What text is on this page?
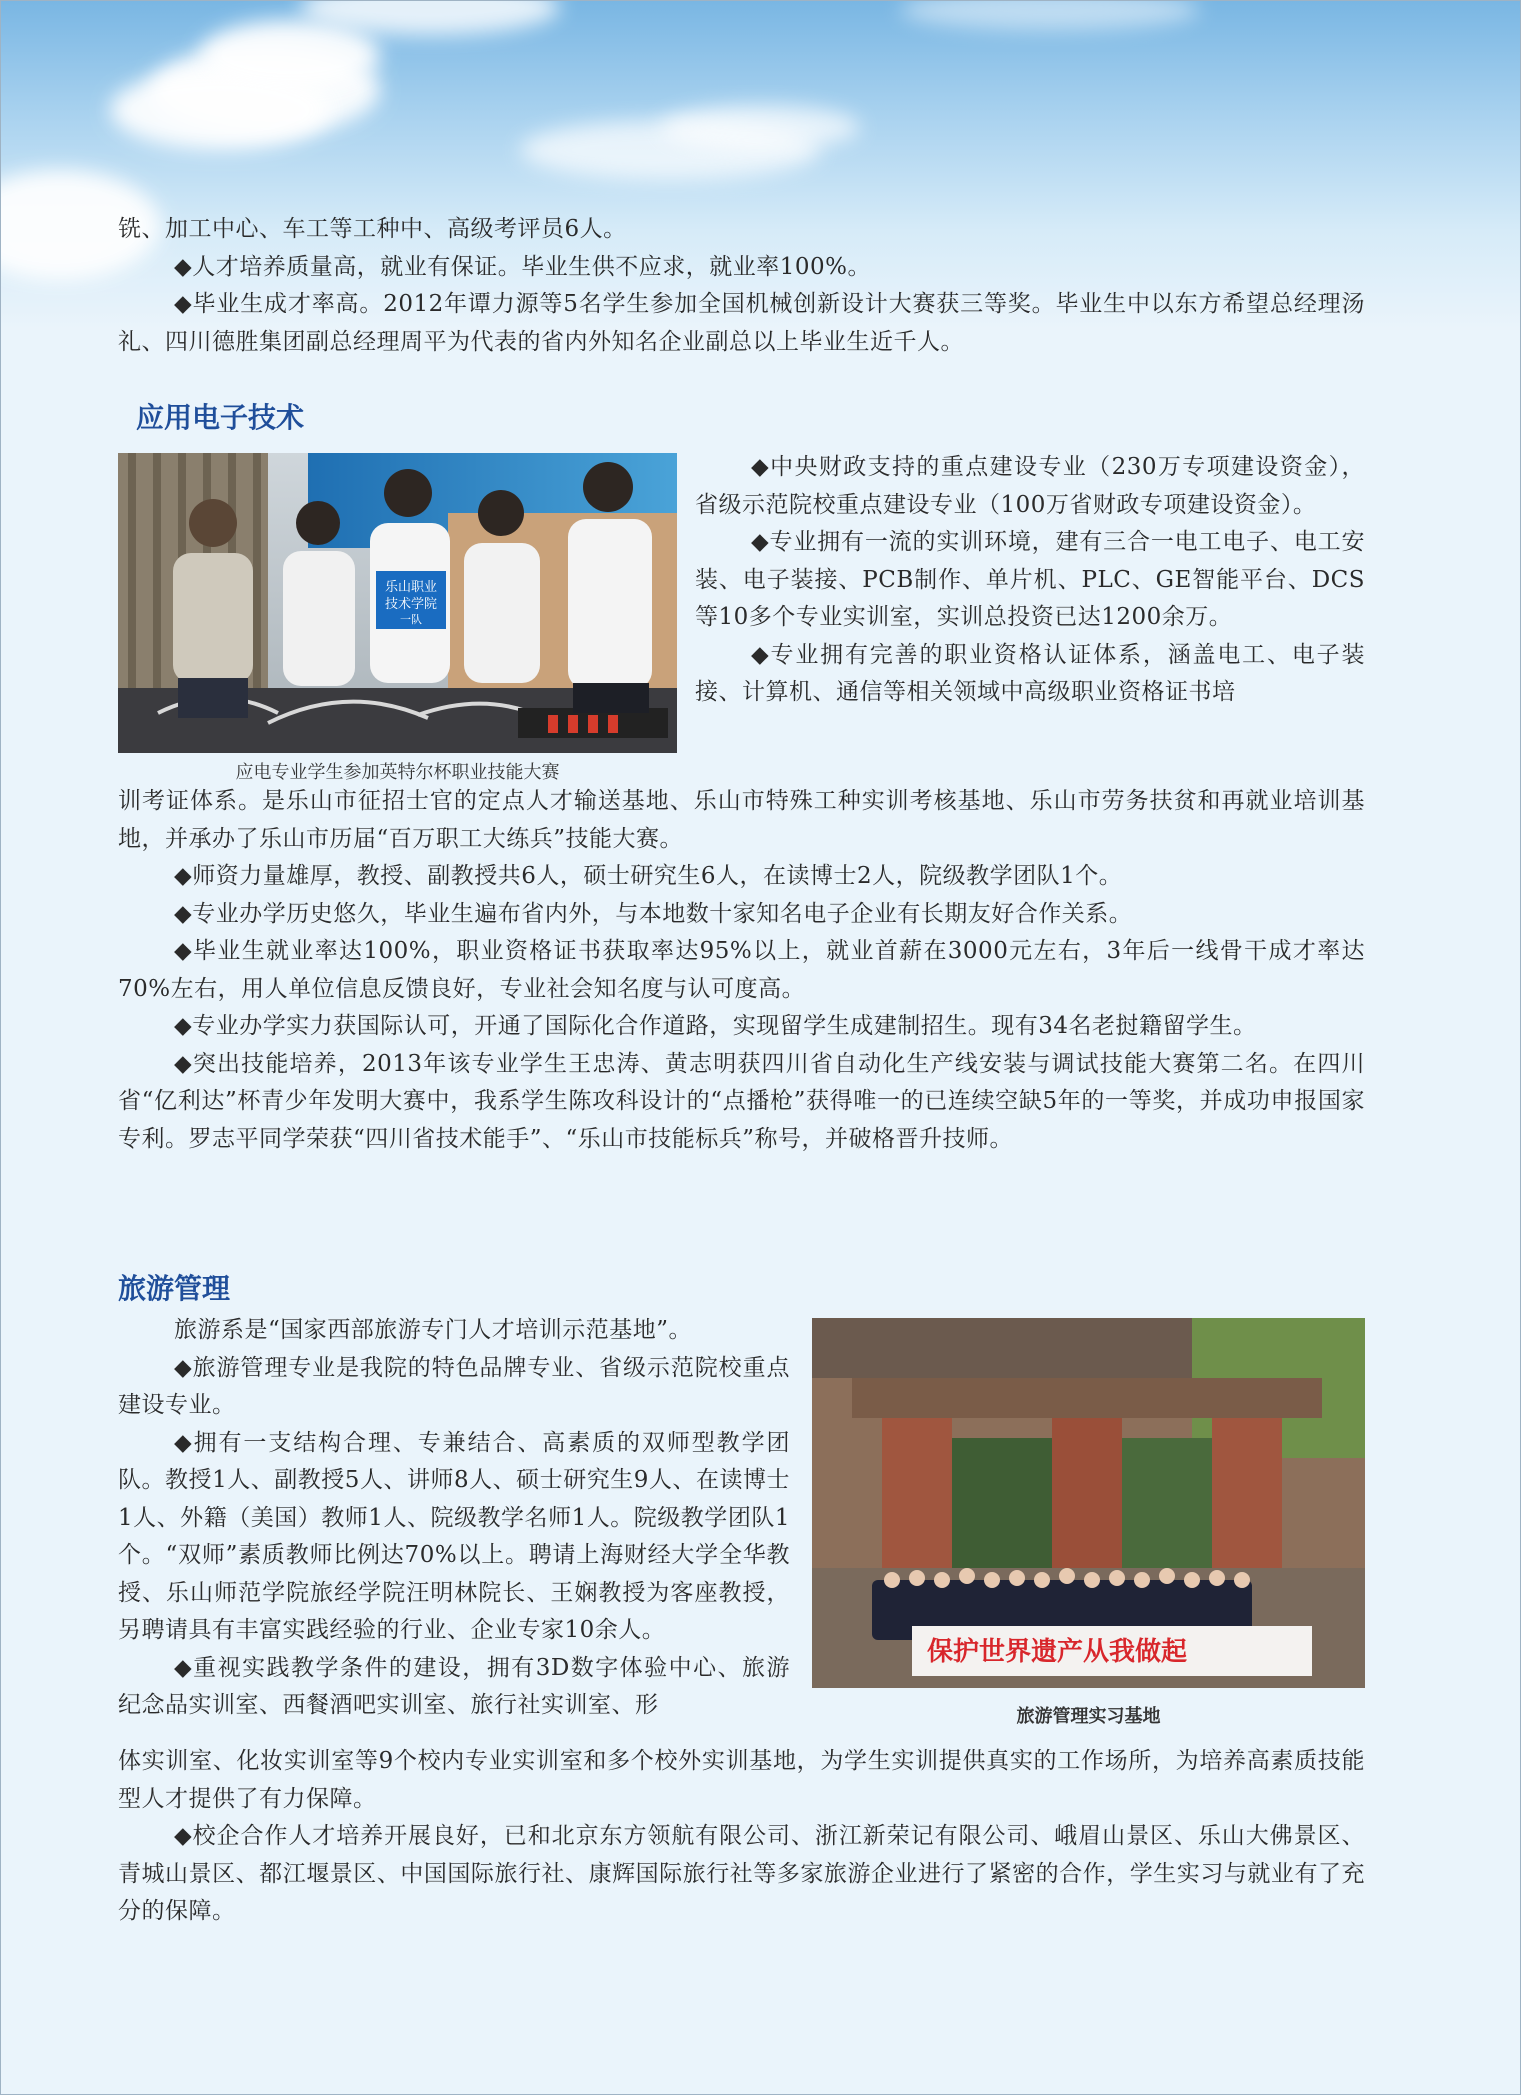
铣、加工中心、车工等工种中、高级考评员6人。

◆人才培养质量高，就业有保证。毕业生供不应求，就业率100%。

◆毕业生成才率高。2012年谭力源等5名学生参加全国机械创新设计大赛获三等奖。毕业生中以东方希望总经理汤礼、四川德胜集团副总经理周平为代表的省内外知名企业副总以上毕业生近千人。

应用电子技术
乐山职业
技术学院
一队
应电专业学生参加英特尔杯职业技能大赛

◆中央财政支持的重点建设专业（230万专项建设资金），省级示范院校重点建设专业（100万省财政专项建设资金）。

◆专业拥有一流的实训环境，建有三合一电工电子、电工安装、电子装接、PCB制作、单片机、PLC、GE智能平台、DCS等10多个专业实训室，实训总投资已达1200余万。

◆专业拥有完善的职业资格认证体系，涵盖电工、电子装接、计算机、通信等相关领域中高级职业资格证书培

训考证体系。是乐山市征招士官的定点人才输送基地、乐山市特殊工种实训考核基地、乐山市劳务扶贫和再就业培训基地，并承办了乐山市历届“百万职工大练兵”技能大赛。

◆师资力量雄厚，教授、副教授共6人，硕士研究生6人，在读博士2人，院级教学团队1个。

◆专业办学历史悠久，毕业生遍布省内外，与本地数十家知名电子企业有长期友好合作关系。

◆毕业生就业率达100%，职业资格证书获取率达95%以上，就业首薪在3000元左右，3年后一线骨干成才率达70%左右，用人单位信息反馈良好，专业社会知名度与认可度高。

◆专业办学实力获国际认可，开通了国际化合作道路，实现留学生成建制招生。现有34名老挝籍留学生。

◆突出技能培养，2013年该专业学生王忠涛、黄志明获四川省自动化生产线安装与调试技能大赛第二名。在四川省“亿利达”杯青少年发明大赛中，我系学生陈攻科设计的“点播枪”获得唯一的已连续空缺5年的一等奖，并成功申报国家专利。罗志平同学荣获“四川省技术能手”、“乐山市技能标兵”称号，并破格晋升技师。

旅游管理

旅游系是“国家西部旅游专门人才培训示范基地”。

◆旅游管理专业是我院的特色品牌专业、省级示范院校重点建设专业。

◆拥有一支结构合理、专兼结合、高素质的双师型教学团队。教授1人、副教授5人、讲师8人、硕士研究生9人、在读博士1人、外籍（美国）教师1人、院级教学名师1人。院级教学团队1个。“双师”素质教师比例达70%以上。聘请上海财经大学全华教授、乐山师范学院旅经学院汪明林院长、王娴教授为客座教授，另聘请具有丰富实践经验的行业、企业专家10余人。

◆重视实践教学条件的建设，拥有3D数字体验中心、旅游纪念品实训室、西餐酒吧实训室、旅行社实训室、形

保护世界遗产从我做起
旅游管理实习基地

体实训室、化妆实训室等9个校内专业实训室和多个校外实训基地，为学生实训提供真实的工作场所，为培养高素质技能型人才提供了有力保障。

◆校企合作人才培养开展良好，已和北京东方领航有限公司、浙江新荣记有限公司、峨眉山景区、乐山大佛景区、青城山景区、都江堰景区、中国国际旅行社、康辉国际旅行社等多家旅游企业进行了紧密的合作，学生实习与就业有了充分的保障。
